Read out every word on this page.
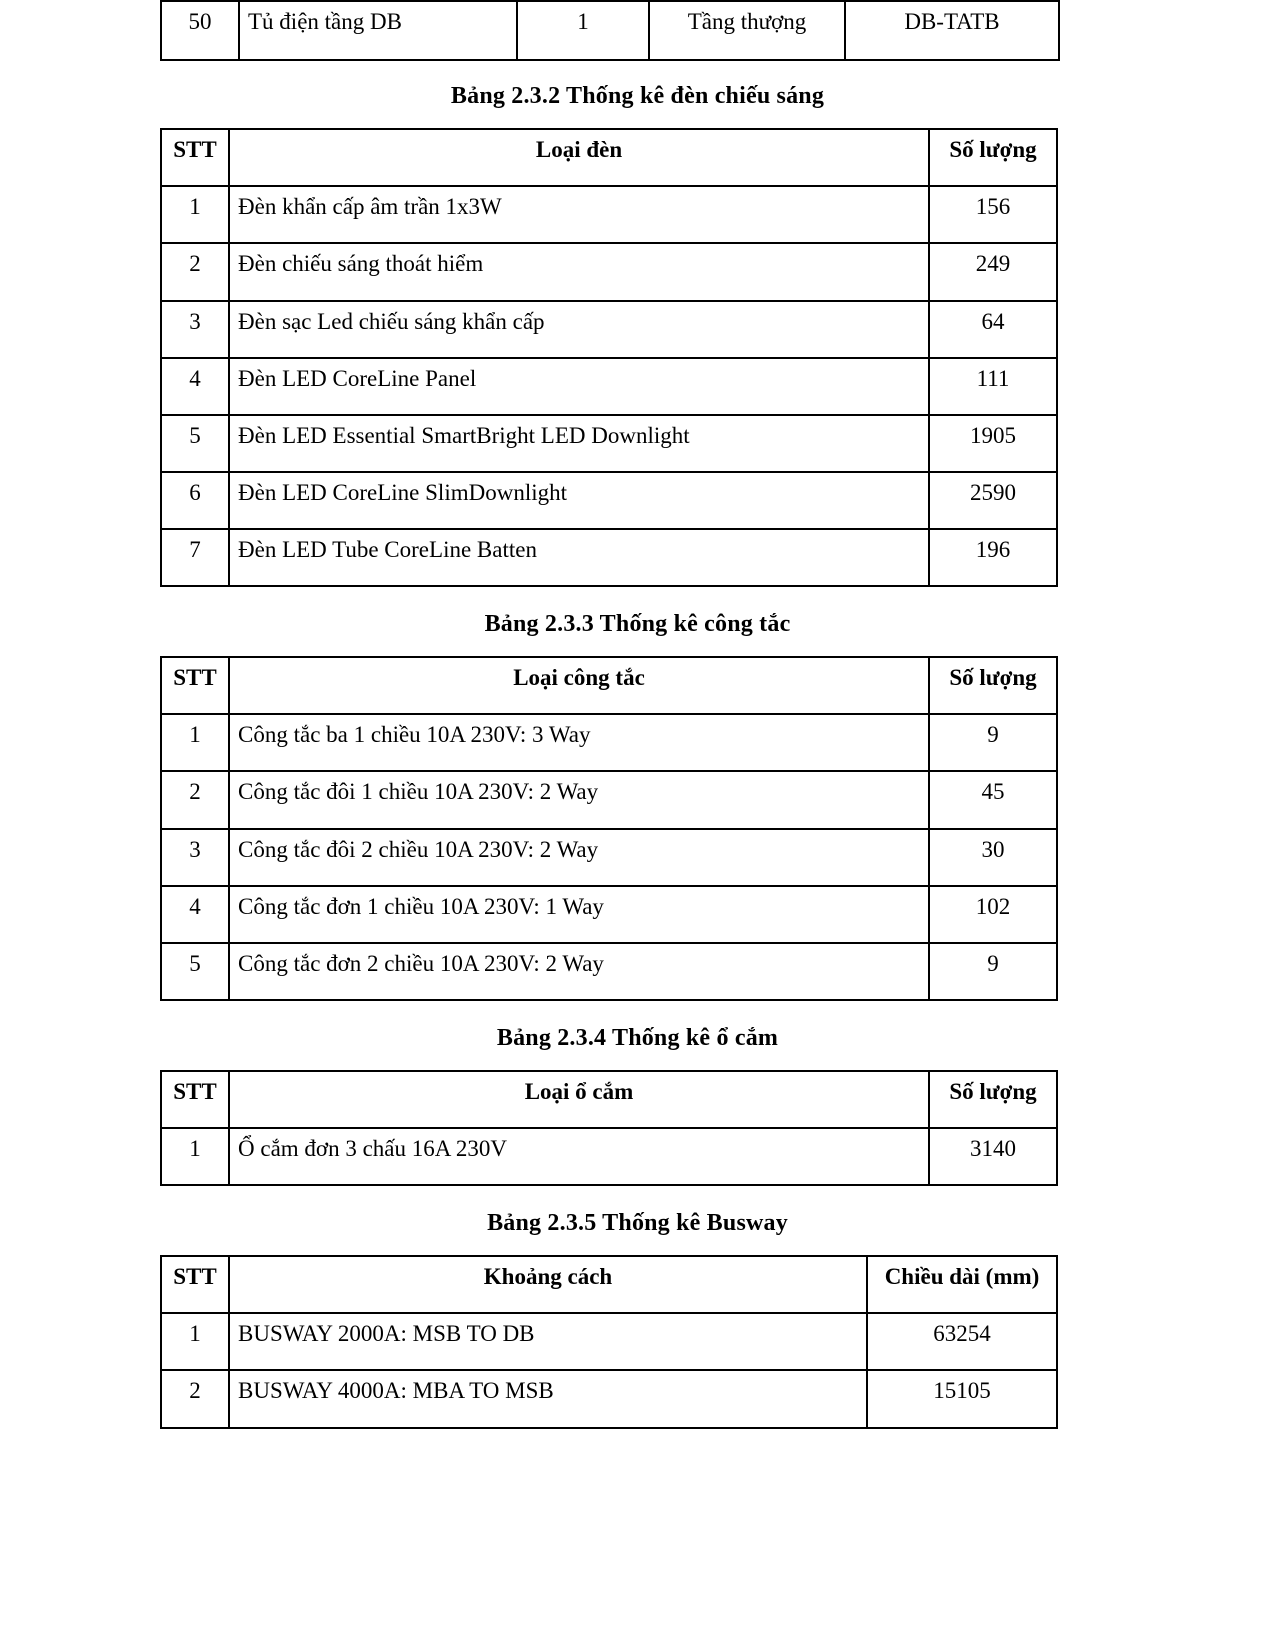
50	Tủ điện tầng DB	1	Tầng thượng	DB-TATB
Bảng 2.3.2 Thống kê đèn chiếu sáng
STT	Loại đèn	Số lượng
1	Đèn khẩn cấp âm trần 1x3W	156
2	Đèn chiếu sáng thoát hiểm	249
3	Đèn sạc Led chiếu sáng khẩn cấp	64
4	Đèn LED CoreLine Panel	111
5	Đèn LED Essential SmartBright LED Downlight	1905
6	Đèn LED CoreLine SlimDownlight	2590
7	Đèn LED Tube CoreLine Batten	196
Bảng 2.3.3 Thống kê công tắc
STT	Loại công tắc	Số lượng
1	Công tắc ba 1 chiều 10A 230V: 3 Way	9
2	Công tắc đôi 1 chiều 10A 230V: 2 Way	45
3	Công tắc đôi 2 chiều 10A 230V: 2 Way	30
4	Công tắc đơn 1 chiều 10A 230V: 1 Way	102
5	Công tắc đơn 2 chiều 10A 230V: 2 Way	9
Bảng 2.3.4 Thống kê ổ cắm
STT	Loại ổ cắm	Số lượng
1	Ổ cắm đơn 3 chấu 16A 230V	3140
Bảng 2.3.5 Thống kê Busway
STT	Khoảng cách	Chiều dài (mm)
1	BUSWAY 2000A: MSB TO DB	63254
2	BUSWAY 4000A: MBA TO MSB	15105
